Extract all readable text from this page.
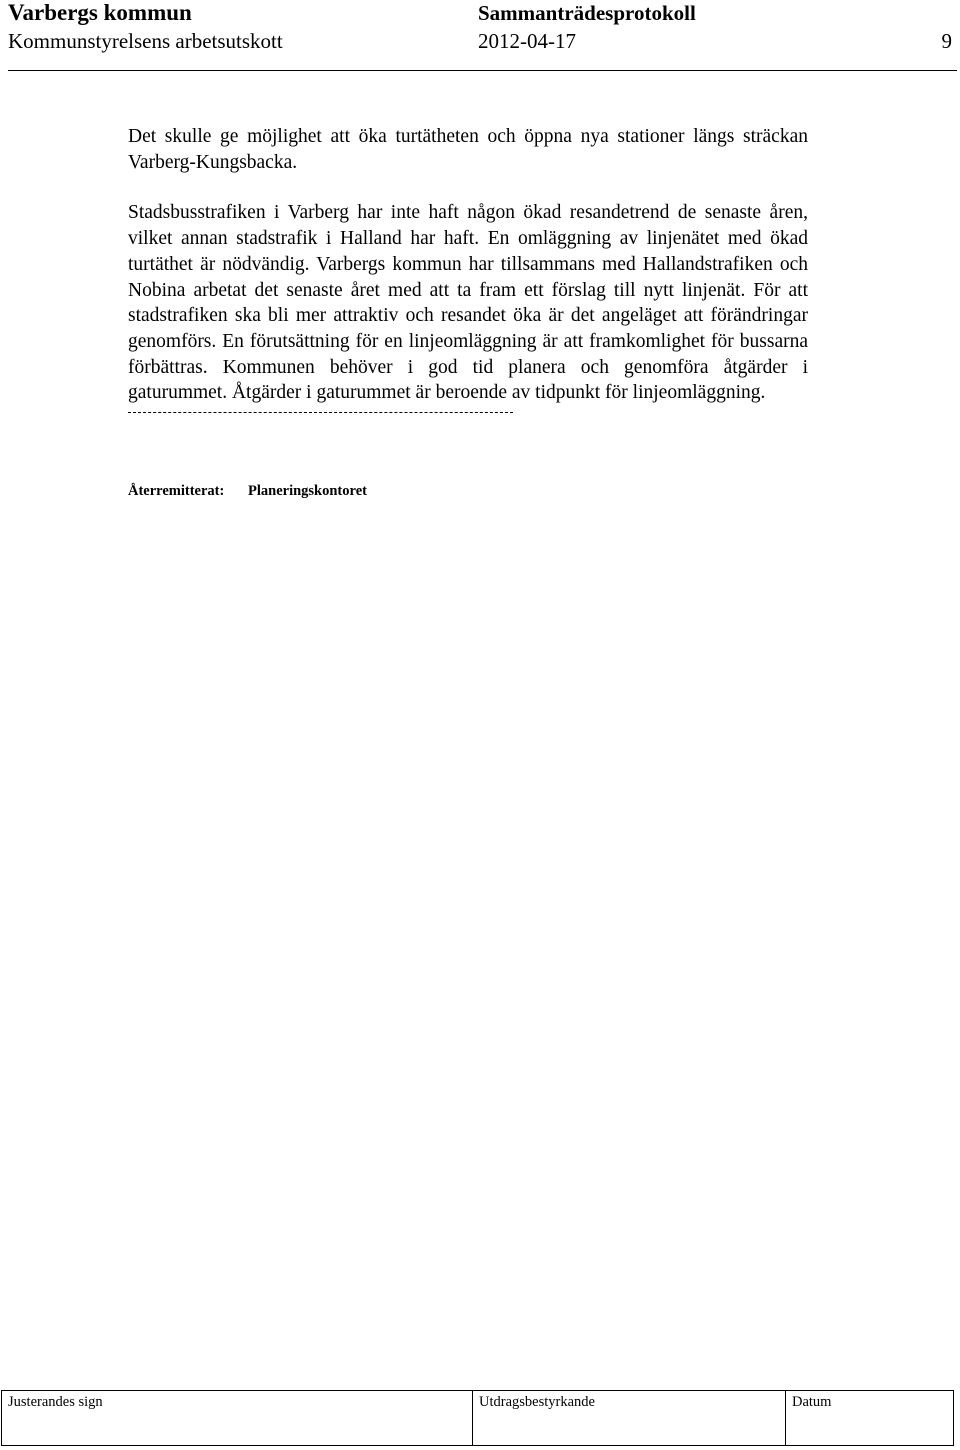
Varbergs kommun	Sammanträdesprotokoll
Kommunstyrelsens arbetsutskott	2012-04-17	9

Det skulle ge möjlighet att öka turtätheten och öppna nya stationer längs sträckan Varberg-Kungsbacka.

Stadsbusstrafiken i Varberg har inte haft någon ökad resandetrend de senaste åren, vilket annan stadstrafik i Halland har haft. En omläggning av linjenätet med ökad turtäthet är nödvändig. Varbergs kommun har tillsammans med Hallandstrafiken och Nobina arbetat det senaste året med att ta fram ett förslag till nytt linjenät. För att stadstrafiken ska bli mer attraktiv och resandet öka är det angeläget att förändringar genomförs. En förutsättning för en linjeomläggning är att framkomlighet för bussarna förbättras. Kommunen behöver i god tid planera och genomföra åtgärder i gaturummet. Åtgärder i gaturummet är beroende av tidpunkt för linjeomläggning.

Återremitterat: Planeringskontoret
Justerandes sign	Utdragsbestyrkande	Datum
